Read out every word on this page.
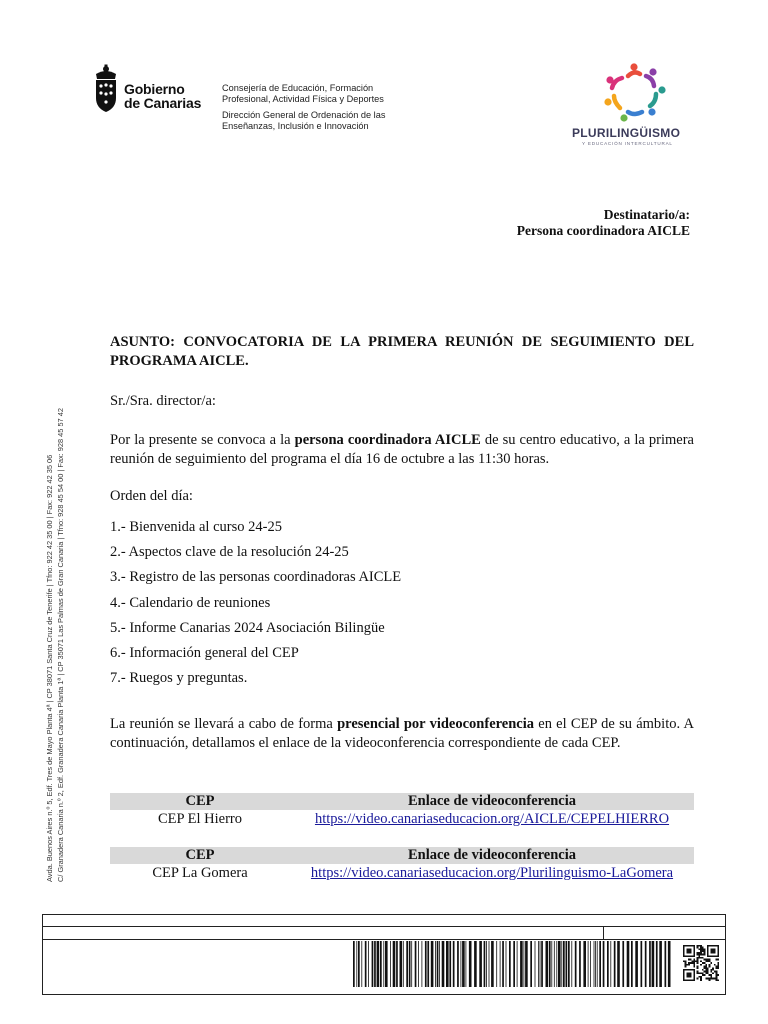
Gobierno
de Canarias
Consejería de Educación, Formación
Profesional, Actividad Física y Deportes
Dirección General de Ordenación de las
Enseñanzas, Inclusión e Innovación
PLURILINGÜISMO
Y EDUCACIÓN INTERCULTURAL
Destinatario/a:
Persona coordinadora AICLE
Avda. Buenos Aires n.º 5, Edf. Tres de Mayo Planta 4ª | CP 38071 Santa Cruz de Tenerife | Tfno: 922 42 35 00 | Fax: 922 42 35 06 C/ Granadera Canaria n.º 2, Edf. Granadera Canaria Planta 1ª | CP 35071 Las Palmas de Gran Canaria | Tfno: 928 45 54 00 | Fax: 928 45 57 42
ASUNTO: CONVOCATORIA DE LA PRIMERA REUNIÓN DE SEGUIMIENTO DEL PROGRAMA AICLE.
Sr./Sra. director/a:
Por la presente se convoca a la persona coordinadora AICLE de su centro educativo, a la primera reunión de seguimiento del programa el día 16 de octubre a las 11:30 horas.
Orden del día:
1.- Bienvenida al curso 24-25
2.- Aspectos clave de la resolución 24-25
3.- Registro de las personas coordinadoras AICLE
4.- Calendario de reuniones
5.- Informe Canarias 2024 Asociación Bilingüe
6.- Información general del CEP
7.- Ruegos y preguntas.
La reunión se llevará a cabo de forma presencial por videoconferencia en el CEP de su ámbito. A continuación, detallamos el enlace de la videoconferencia correspondiente de cada CEP.
CEP	Enlace de videoconferencia
CEP El Hierro	https://video.canariaseducacion.org/AICLE/CEPELHIERRO
CEP	Enlace de videoconferencia
CEP La Gomera	https://video.canariaseducacion.org/Plurilinguismo-LaGomera
